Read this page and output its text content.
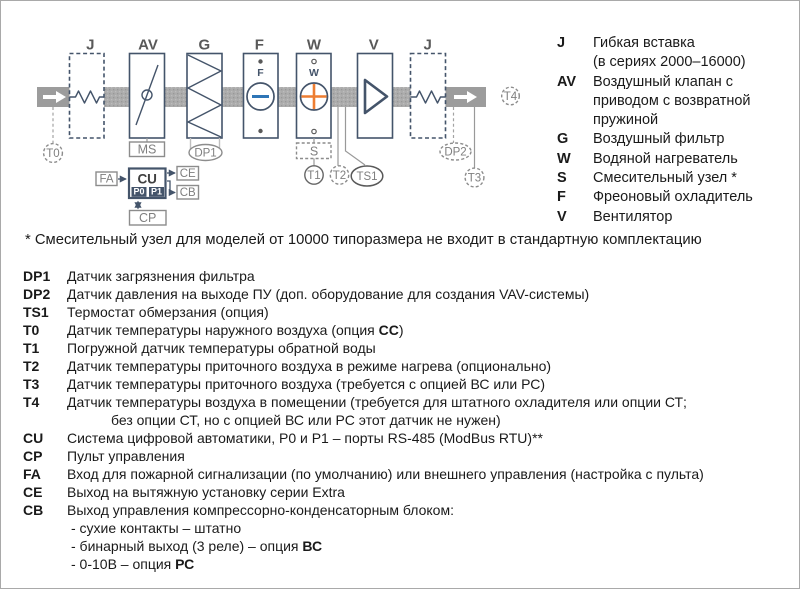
MS	DP1
F	W
S
T1 T2 TS1
DP2
T3
T4
T0
J	AV	G	F	W	V	J
FA CU
P0 P1
CE
CB
CP
J	Гибкая вставка
(в сериях 2000–16000)
AV	Воздушный клапан с
приводом с возвратной
пружиной
G	Воздушный фильтр
W	Водяной нагреватель
S	Смесительный узел *
F	Фреоновый охладитель
V	Вентилятор
* Смесительный узел для моделей от 10000 типоразмера не входит в стандартную комплектацию
DP1	Датчик загрязнения фильтра
DP2	Датчик давления на выходе ПУ (доп. оборудование для создания VAV-системы)
TS1	Термостат обмерзания (опция)
T0	Датчик температуры наружного воздуха (опция СС)
T1	Погружной датчик температуры обратной воды
T2	Датчик температуры приточного воздуха в режиме нагрева (опционально)
T3	Датчик температуры приточного воздуха (требуется с опцией ВС или РС)
T4	Датчик температуры воздуха в помещении (требуется для штатного охладителя или опции СТ;
без опции СТ, но с опцией ВС или РС этот датчик не нужен)
CU	Система цифровой автоматики, Р0 и Р1 – порты RS-485 (ModBus RTU)**
CP	Пульт управления
FA	Вход для пожарной сигнализации (по умолчанию) или внешнего управления (настройка с пульта)
CE	Выход на вытяжную установку серии Extra
CB	Выход управления компрессорно-конденсаторным блоком:
- сухие контакты – штатно
- бинарный выход (3 реле) – опция ВС
- 0-10В – опция РС
